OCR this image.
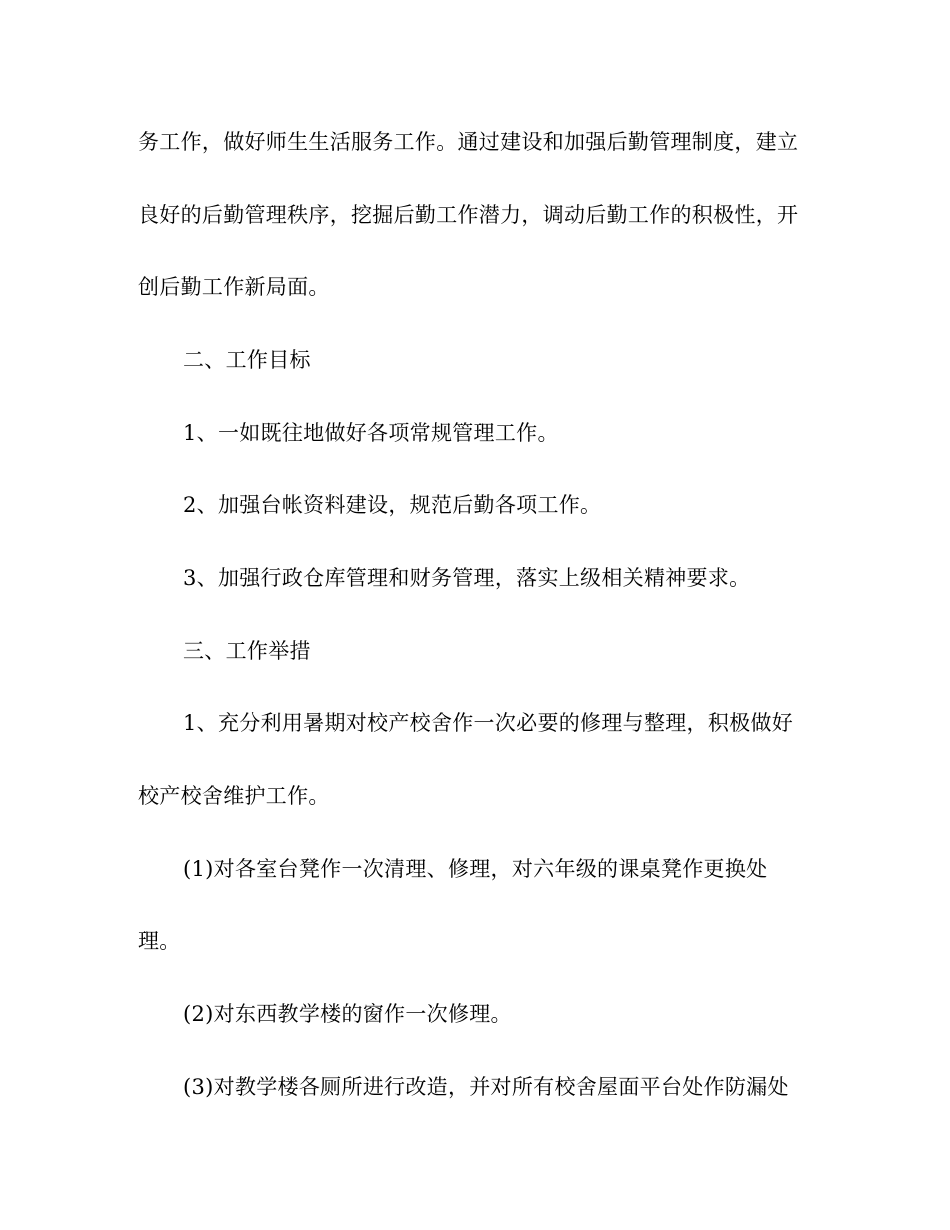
务工作，做好师生生活服务工作。通过建设和加强后勤管理制度，建立
良好的后勤管理秩序，挖掘后勤工作潜力，调动后勤工作的积极性，开
创后勤工作新局面。
二、工作目标
1、一如既往地做好各项常规管理工作。
2、加强台帐资料建设，规范后勤各项工作。
3、加强行政仓库管理和财务管理，落实上级相关精神要求。
三、工作举措
1、充分利用暑期对校产校舍作一次必要的修理与整理，积极做好
校产校舍维护工作。
(1)对各室台凳作一次清理、修理，对六年级的课桌凳作更换处
理。
(2)对东西教学楼的窗作一次修理。
(3)对教学楼各厕所进行改造，并对所有校舍屋面平台处作防漏处
